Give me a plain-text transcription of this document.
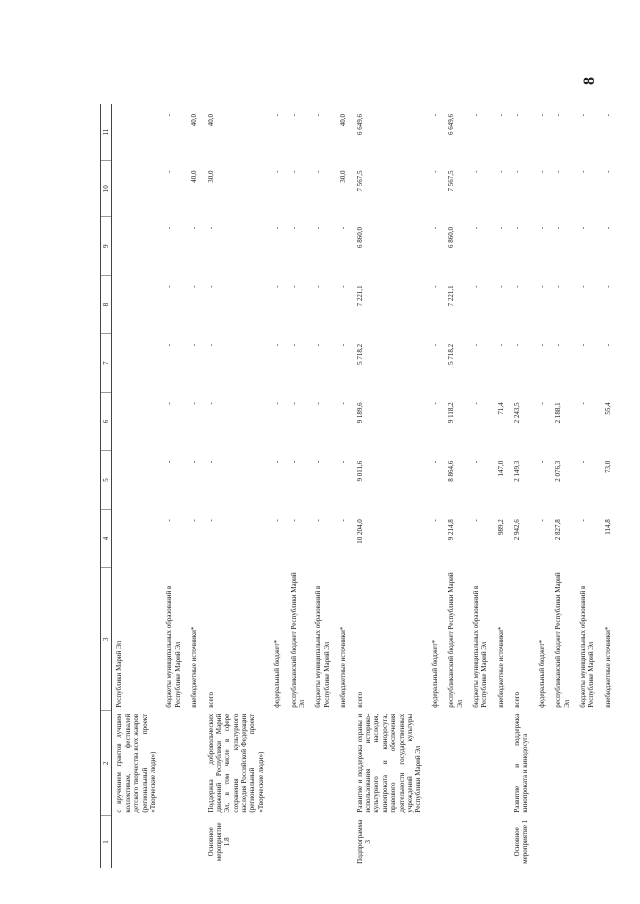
8
1	2	3	4	5	6	7	8	9	10	11
	с вручением грантов лучшим коллективам, фестивалей детского творчества всех жанров (региональный проект «Творческие люди»)	Республики Марий Эл								
		бюджеты муниципальных образований в Республике Марий Эл	-	-	-	-	-	-	-	-
		внебюджетные источники*	-	-	-	-	-	-	40,0	40,0
Основное мероприятие 1.8	Поддержка добровольческих движений Республики Марий Эл, в том числе в сфере сохранения культурного наследия Российской Федерации (региональный проект «Творческие люди»)	всего	-	-	-	-	-	-	30,0	40,0
		федеральный бюджет*	-	-	-	-	-	-	-	-
		республиканский бюджет Республики Марий Эл	-	-	-	-	-	-	-	-
		бюджеты муниципальных образований в Республике Марий Эл	-	-	-	-	-	-	-	-
		внебюджетные источники*	-	-	-	-	-	-	30,0	40,0
Подпрограмма 3	Развитие и поддержка охраны и использования историко-культурного наследия, кинопроката и кинодосуга, правового обеспечения деятельности государственных учреждений культуры Республики Марий Эл	всего	10 204,0	9 011,6	9 189,6	5 718,2	7 221,1	6 860,0	7 567,5	6 649,6
		федеральный бюджет*	-	-	-	-	-	-	-	-
		республиканский бюджет Республики Марий Эл	9 214,8	8 864,6	9 118,2	5 718,2	7 221,1	6 860,0	7 567,5	6 649,6
		бюджеты муниципальных образований в Республике Марий Эл	-	-	-	-	-	-	-	-
		внебюджетные источники*	989,2	147,0	71,4	-	-	-	-	-
Основное мероприятие 1	Развитие и поддержка кинопроката и кинодосуга	всего	2 942,6	2 149,3	2 243,5	-	-	-	-	-
		федеральный бюджет*	-	-	-	-	-	-	-	-
		республиканский бюджет Республики Марий Эл	2 827,8	2 076,3	2 188,1	-	-	-	-	-
		бюджеты муниципальных образований в Республике Марий Эл	-	-	-	-	-	-	-	-
		внебюджетные источники*	114,8	73,0	55,4	-	-	-	-	-
